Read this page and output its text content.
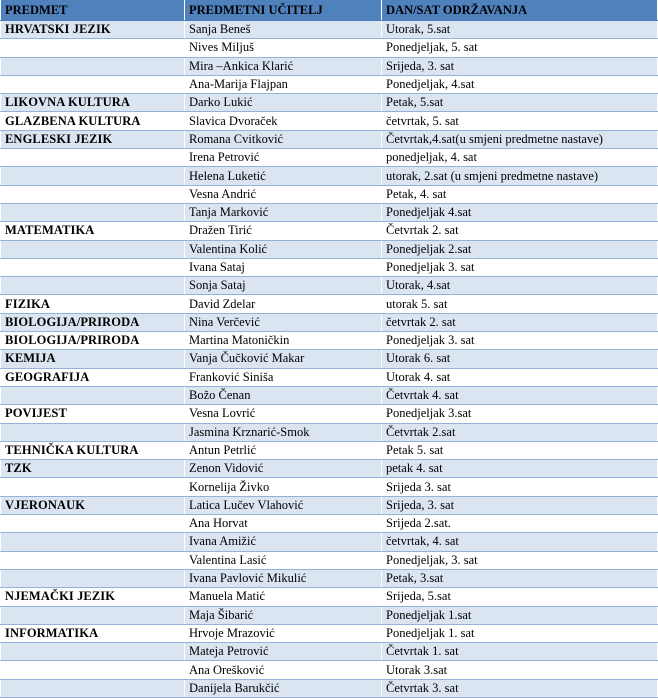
PREDMET	PREDMETNI UČITELJ	DAN/SAT ODRŽAVANJA
HRVATSKI JEZIK	Sanja Beneš	Utorak, 5.sat
	Nives Miljuš	Ponedjeljak, 5. sat
	Mira –Ankica Klarić	Srijeda, 3. sat
	Ana-Marija Flajpan	Ponedjeljak, 4.sat
LIKOVNA KULTURA	Darko Lukić	Petak, 5.sat
GLAZBENA KULTURA	Slavica Dvoraček	četvrtak, 5. sat
ENGLESKI JEZIK	Romana Cvitković	Četvrtak,4.sat(u smjeni predmetne nastave)
	Irena Petrović	ponedjeljak, 4. sat
	Helena Luketić	utorak, 2.sat (u smjeni predmetne nastave)
	Vesna Andrić	Petak, 4. sat
	Tanja Marković	Ponedjeljak 4.sat
MATEMATIKA	Dražen Tirić	Četvrtak 2. sat
	Valentina Kolić	Ponedjeljak 2.sat
	Ivana Sataj	Ponedjeljak 3. sat
	Sonja Sataj	Utorak, 4.sat
FIZIKA	David Zdelar	utorak 5. sat
BIOLOGIJA/PRIRODA	Nina Verčević	četvrtak 2. sat
BIOLOGIJA/PRIRODA	Martina Matoničkin	Ponedjeljak 3. sat
KEMIJA	Vanja Čučković Makar	Utorak 6. sat
GEOGRAFIJA	Franković Siniša	Utorak 4. sat
	Božo Čenan	Četvrtak 4. sat
POVIJEST	Vesna Lovrić	Ponedjeljak 3.sat
	Jasmina Krznarić-Smok	Četvrtak 2.sat
TEHNIČKA KULTURA	Antun Petrlić	Petak 5. sat
TZK	Zenon Vidović	petak 4. sat
	Kornelija Živko	Srijeda 3. sat
VJERONAUK	Latica Lučev Vlahović	Srijeda, 3. sat
	Ana Horvat	Srijeda 2.sat.
	Ivana Amižić	četvrtak, 4. sat
	Valentina Lasić	Ponedjeljak, 3. sat
	Ivana Pavlović Mikulić	Petak, 3.sat
NJEMAČKI JEZIK	Manuela Matić	Srijeda, 5.sat
	Maja Šibarić	Ponedjeljak 1.sat
INFORMATIKA	Hrvoje Mrazović	Ponedjeljak 1. sat
	Mateja Petrović	Četvrtak 1. sat
	Ana Orešković	Utorak 3.sat
	Danijela Barukčić	Četvrtak 3. sat
